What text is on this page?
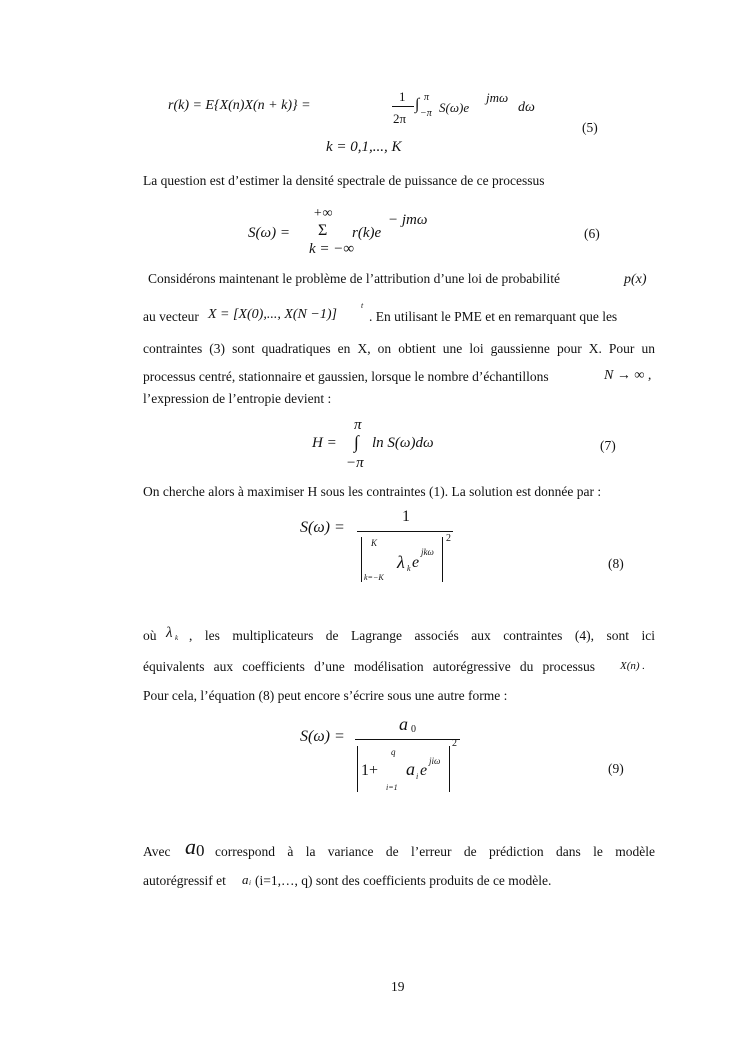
r(k) = E{X(n)X(n + k)} =
1
2π
∫ π
−π S(ω)e
jmω
dω
(5)
k = 0,1,..., K
La question est d’estimer la densité spectrale de puissance de ce processus
+∞
S(ω) = Σ r(k)e
− jmω
k = −∞
(6)
Considérons maintenant le problème de l’attribution d’une loi de probabilité	p(x)
au vecteur X = [X(0),..., X(N −1)]
t
. En utilisant le PME et en remarquant que les
contraintes (3) sont quadratiques en X, on obtient une loi gaussienne pour X. Pour un
processus centré, stationnaire et gaussien, lorsque le nombre d’échantillons	N → ∞ ,
l’expression de l’entropie devient :
π
H = ∫ ln S(ω)dω
−π
(7)
On cherche alors à maximiser H sous les contraintes (1). La solution est donnée par :
S(ω) =
1
K
k=−K
λ k e
jkω
2
(8)
où λ k , les multiplicateurs de Lagrange associés aux contraintes (4), sont ici
équivalents aux coefficients d’une modélisation autorégressive du processus X(n) .
Pour cela, l’équation (8) peut encore s’écrire sous une autre forme :
S(ω) =
a 0
1+
q
i=1
a i e
jiω
2
(9)
Avec a 0 correspond à la variance de l’erreur de prédiction dans le modèle
autorégressif et a i (i=1,…, q) sont des coefficients produits de ce modèle.
19
